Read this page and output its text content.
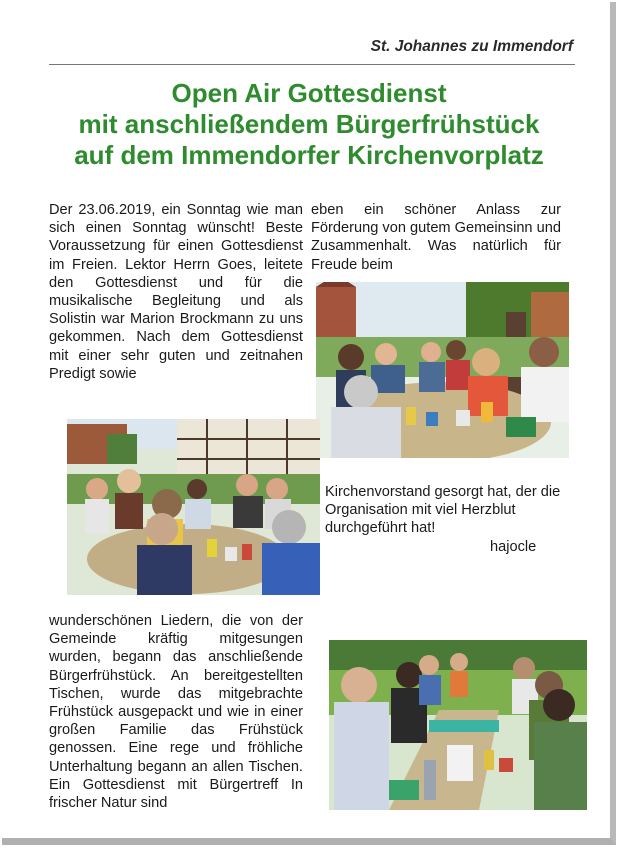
St. Johannes zu Immendorf
Open Air Gottesdienst
mit anschließendem Bürgerfrühstück
auf dem Immendorfer Kirchenvorplatz
Der 23.06.2019, ein Sonntag wie man sich einen Sonntag wünscht! Beste Voraussetzung für einen Gottesdienst im Freien. Lektor Herrn Goes, leitete den Gottesdienst und für die musikalische Begleitung und als Solistin war Marion Brockmann zu uns gekommen. Nach dem Gottesdienst mit einer sehr guten und zeitnahen Predigt sowie
eben ein schöner Anlass zur Förderung von gutem Gemeinsinn und Zusammenhalt. Was natürlich für Freude beim
Kirchenvorstand gesorgt hat, der die Organisation mit viel Herzblut durchgeführt hat!
hajocle
wunderschönen Liedern, die von der Gemeinde kräftig mitgesungen wurden, begann das anschließende Bürgerfrühstück. An bereitgestellten Tischen, wurde das mitgebrachte Frühstück ausgepackt und wie in einer großen Familie das Frühstück genossen. Eine rege und fröhliche Unterhaltung begann an allen Tischen. Ein Gottesdienst mit Bürgertreff In frischer Natur sind
